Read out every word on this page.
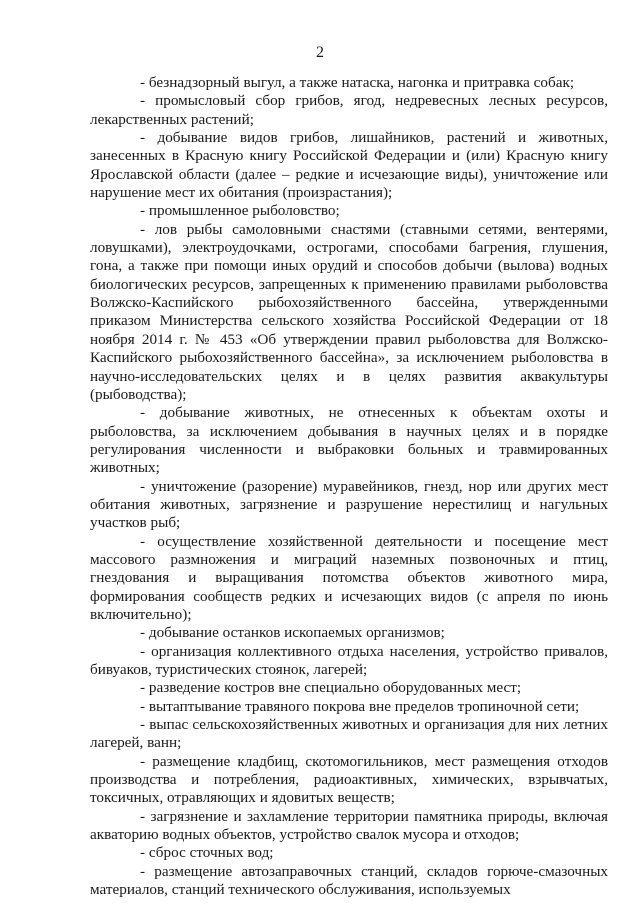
2

- безнадзорный выгул, а также натаска, нагонка и притравка собак;

- промысловый сбор грибов, ягод, недревесных лесных ресурсов, лекарственных растений;

- добывание видов грибов, лишайников, растений и животных, занесенных в Красную книгу Российской Федерации и (или) Красную книгу Ярославской области (далее – редкие и исчезающие виды), уничтожение или нарушение мест их обитания (произрастания);

- промышленное рыболовство;

- лов рыбы самоловными снастями (ставными сетями, вентерями, ловушками), электроудочками, острогами, способами багрения, глушения, гона, а также при помощи иных орудий и способов добычи (вылова) водных биологических ресурсов, запрещенных к применению правилами рыболовства Волжско-Каспийского рыбохозяйственного бассейна, утвержденными приказом Министерства сельского хозяйства Российской Федерации от 18 ноября 2014 г. № 453 «Об утверждении правил рыболовства для Волжско-Каспийского рыбохозяйственного бассейна», за исключением рыболовства в научно-исследовательских целях и в целях развития аквакультуры (рыбоводства);

- добывание животных, не отнесенных к объектам охоты и рыболовства, за исключением добывания в научных целях и в порядке регулирования численности и выбраковки больных и травмированных животных;

- уничтожение (разорение) муравейников, гнезд, нор или других мест обитания животных, загрязнение и разрушение нерестилищ и нагульных участков рыб;

- осуществление хозяйственной деятельности и посещение мест массового размножения и миграций наземных позвоночных и птиц, гнездования и выращивания потомства объектов животного мира, формирования сообществ редких и исчезающих видов (с апреля по июнь включительно);

- добывание останков ископаемых организмов;

- организация коллективного отдыха населения, устройство привалов, бивуаков, туристических стоянок, лагерей;

- разведение костров вне специально оборудованных мест;

- вытаптывание травяного покрова вне пределов тропиночной сети;

- выпас сельскохозяйственных животных и организация для них летних лагерей, ванн;

- размещение кладбищ, скотомогильников, мест размещения отходов производства и потребления, радиоактивных, химических, взрывчатых, токсичных, отравляющих и ядовитых веществ;

- загрязнение и захламление территории памятника природы, включая акваторию водных объектов, устройство свалок мусора и отходов;

- сброс сточных вод;

- размещение автозаправочных станций, складов горюче-смазочных материалов, станций технического обслуживания, используемых
